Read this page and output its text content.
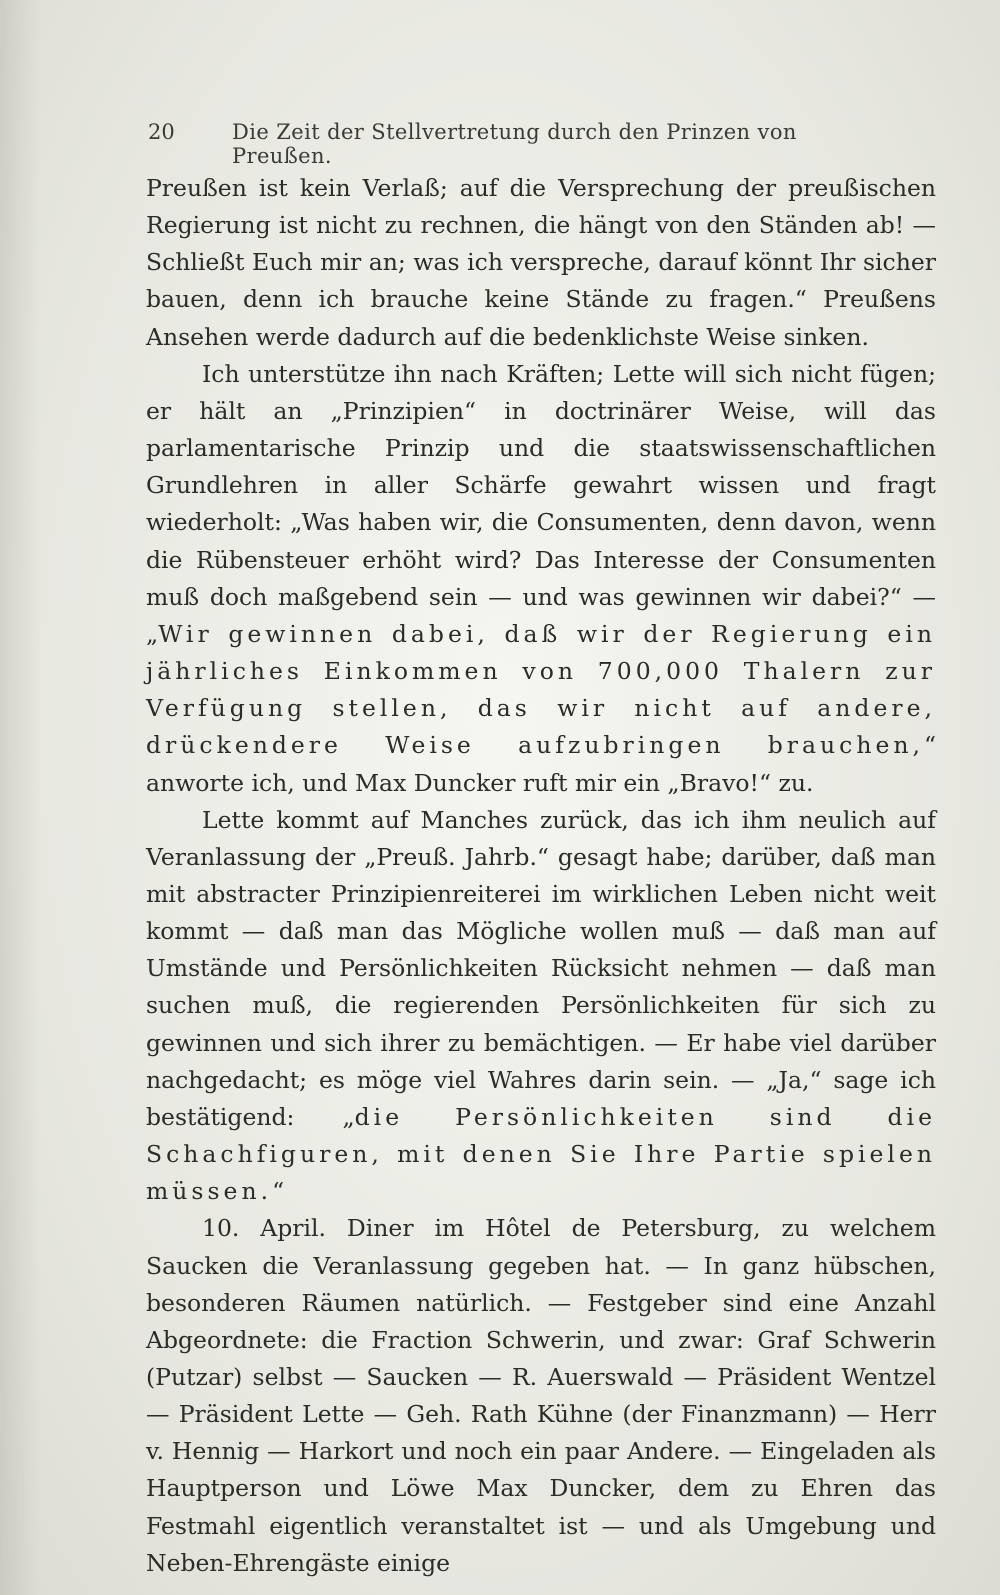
20	Die Zeit der Stellvertretung durch den Prinzen von Preußen.

Preußen ist kein Verlaß; auf die Versprechung der preußischen Regierung ist nicht zu rechnen, die hängt von den Ständen ab! — Schließt Euch mir an; was ich verspreche, darauf könnt Ihr sicher bauen, denn ich brauche keine Stände zu fragen.“ Preußens Ansehen werde dadurch auf die bedenklichste Weise sinken.

Ich unterstütze ihn nach Kräften; Lette will sich nicht fügen; er hält an „Prinzipien“ in doctrinärer Weise, will das parlamentarische Prinzip und die staatswissenschaftlichen Grundlehren in aller Schärfe gewahrt wissen und fragt wiederholt: „Was haben wir, die Consumenten, denn davon, wenn die Rübensteuer erhöht wird? Das Interesse der Consumenten muß doch maßgebend sein — und was gewinnen wir dabei?“ — „Wir gewinnen dabei, daß wir der Regierung ein jährliches Einkommen von 700,000 Thalern zur Verfügung stellen, das wir nicht auf andere, drückendere Weise aufzubringen brauchen,“ anworte ich, und Max Duncker ruft mir ein „Bravo!“ zu.

Lette kommt auf Manches zurück, das ich ihm neulich auf Veranlassung der „Preuß. Jahrb.“ gesagt habe; darüber, daß man mit abstracter Prinzipienreiterei im wirklichen Leben nicht weit kommt — daß man das Mögliche wollen muß — daß man auf Umstände und Persönlichkeiten Rücksicht nehmen — daß man suchen muß, die regierenden Persönlichkeiten für sich zu gewinnen und sich ihrer zu bemächtigen. — Er habe viel darüber nachgedacht; es möge viel Wahres darin sein. — „Ja,“ sage ich bestätigend: „die Persönlichkeiten sind die Schachfiguren, mit denen Sie Ihre Partie spielen müssen.“

10. April. Diner im Hôtel de Petersburg, zu welchem Saucken die Veranlassung gegeben hat. — In ganz hübschen, besonderen Räumen natürlich. — Festgeber sind eine Anzahl Abgeordnete: die Fraction Schwerin, und zwar: Graf Schwerin (Putzar) selbst — Saucken — R. Auerswald — Präsident Wentzel — Präsident Lette — Geh. Rath Kühne (der Finanzmann) — Herr v. Hennig — Harkort und noch ein paar Andere. — Eingeladen als Hauptperson und Löwe Max Duncker, dem zu Ehren das Festmahl eigentlich veranstaltet ist — und als Umgebung und Neben-Ehrengäste einige
